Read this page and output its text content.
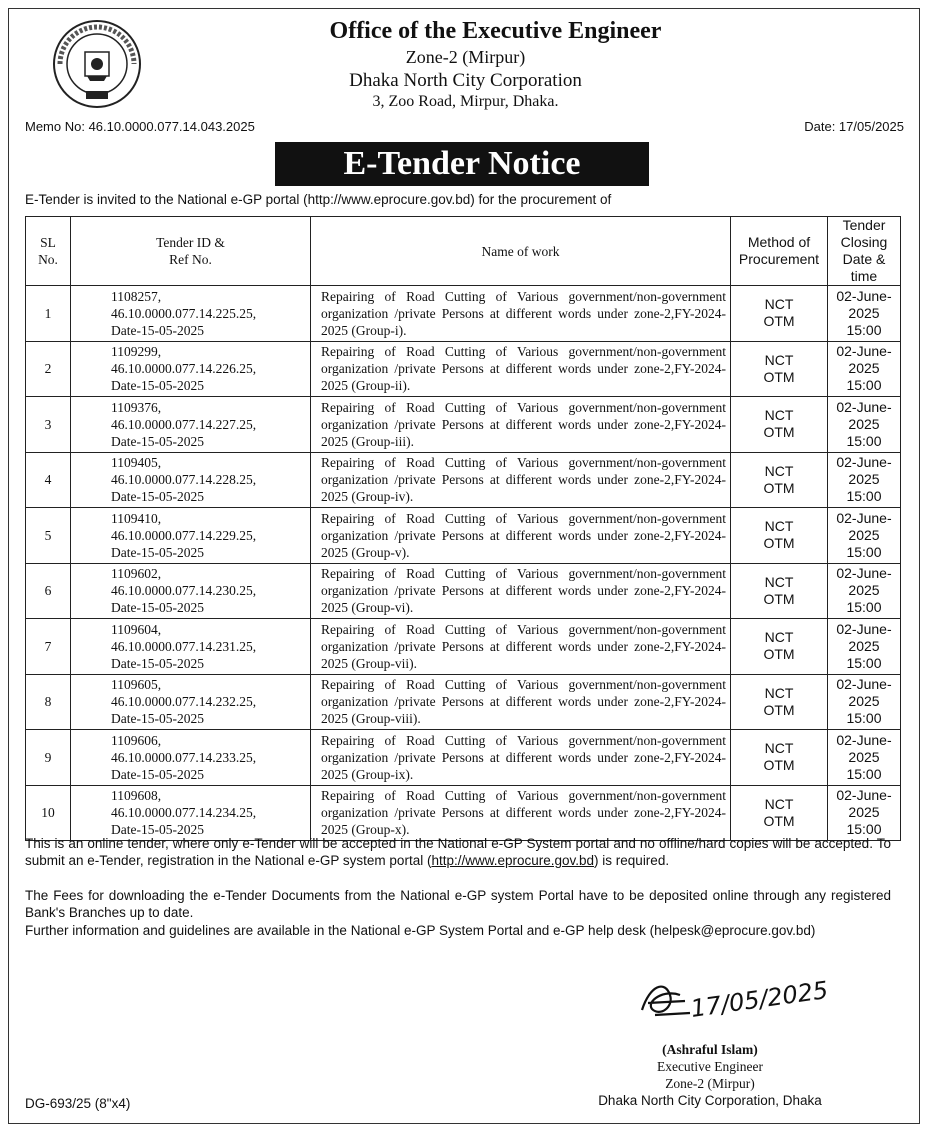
Office of the Executive Engineer
Zone-2 (Mirpur)
Dhaka North City Corporation
3, Zoo Road, Mirpur, Dhaka.
Memo No: 46.10.0000.077.14.043.2025	Date: 17/05/2025
E-Tender Notice
E-Tender is invited to the National e-GP portal (http://www.eprocure.gov.bd) for the procurement of
SL
No.	Tender ID &
Ref No.	Name of work	Method of
Procurement	Tender Closing
Date & time
1	1108257,
46.10.0000.077.14.225.25,
Date-15-05-2025	Repairing of Road Cutting of Various government/non-government organization /private Persons at different words under zone-2,FY-2024-2025 (Group-i).	NCT
OTM	02-June-2025
15:00
2	1109299,
46.10.0000.077.14.226.25,
Date-15-05-2025	Repairing of Road Cutting of Various government/non-government organization /private Persons at different words under zone-2,FY-2024-2025 (Group-ii).	NCT
OTM	02-June-2025
15:00
3	1109376,
46.10.0000.077.14.227.25,
Date-15-05-2025	Repairing of Road Cutting of Various government/non-government organization /private Persons at different words under zone-2,FY-2024-2025 (Group-iii).	NCT
OTM	02-June-2025
15:00
4	1109405,
46.10.0000.077.14.228.25,
Date-15-05-2025	Repairing of Road Cutting of Various government/non-government organization /private Persons at different words under zone-2,FY-2024-2025 (Group-iv).	NCT
OTM	02-June-2025
15:00
5	1109410,
46.10.0000.077.14.229.25,
Date-15-05-2025	Repairing of Road Cutting of Various government/non-government organization /private Persons at different words under zone-2,FY-2024-2025 (Group-v).	NCT
OTM	02-June-2025
15:00
6	1109602,
46.10.0000.077.14.230.25,
Date-15-05-2025	Repairing of Road Cutting of Various government/non-government organization /private Persons at different words under zone-2,FY-2024-2025 (Group-vi).	NCT
OTM	02-June-2025
15:00
7	1109604,
46.10.0000.077.14.231.25,
Date-15-05-2025	Repairing of Road Cutting of Various government/non-government organization /private Persons at different words under zone-2,FY-2024-2025 (Group-vii).	NCT
OTM	02-June-2025
15:00
8	1109605,
46.10.0000.077.14.232.25,
Date-15-05-2025	Repairing of Road Cutting of Various government/non-government organization /private Persons at different words under zone-2,FY-2024-2025 (Group-viii).	NCT
OTM	02-June-2025
15:00
9	1109606,
46.10.0000.077.14.233.25,
Date-15-05-2025	Repairing of Road Cutting of Various government/non-government organization /private Persons at different words under zone-2,FY-2024-2025 (Group-ix).	NCT
OTM	02-June-2025
15:00
10	1109608,
46.10.0000.077.14.234.25,
Date-15-05-2025	Repairing of Road Cutting of Various government/non-government organization /private Persons at different words under zone-2,FY-2024-2025 (Group-x).	NCT
OTM	02-June-2025
15:00
This is an online tender, where only e-Tender will be accepted in the National e-GP System portal and no offline/hard copies will be accepted. To submit an e-Tender, registration in the National e-GP system portal (http://www.eprocure.gov.bd) is required.
The Fees for downloading the e-Tender Documents from the National e-GP system Portal have to be deposited online through any registered Bank's Branches up to date.
Further information and guidelines are available in the National e-GP System Portal and e-GP help desk (helpesk@eprocure.gov.bd)
17/05/2025
(Ashraful Islam)
Executive Engineer
Zone-2 (Mirpur)
Dhaka North City Corporation, Dhaka
DG-693/25 (8"x4)
